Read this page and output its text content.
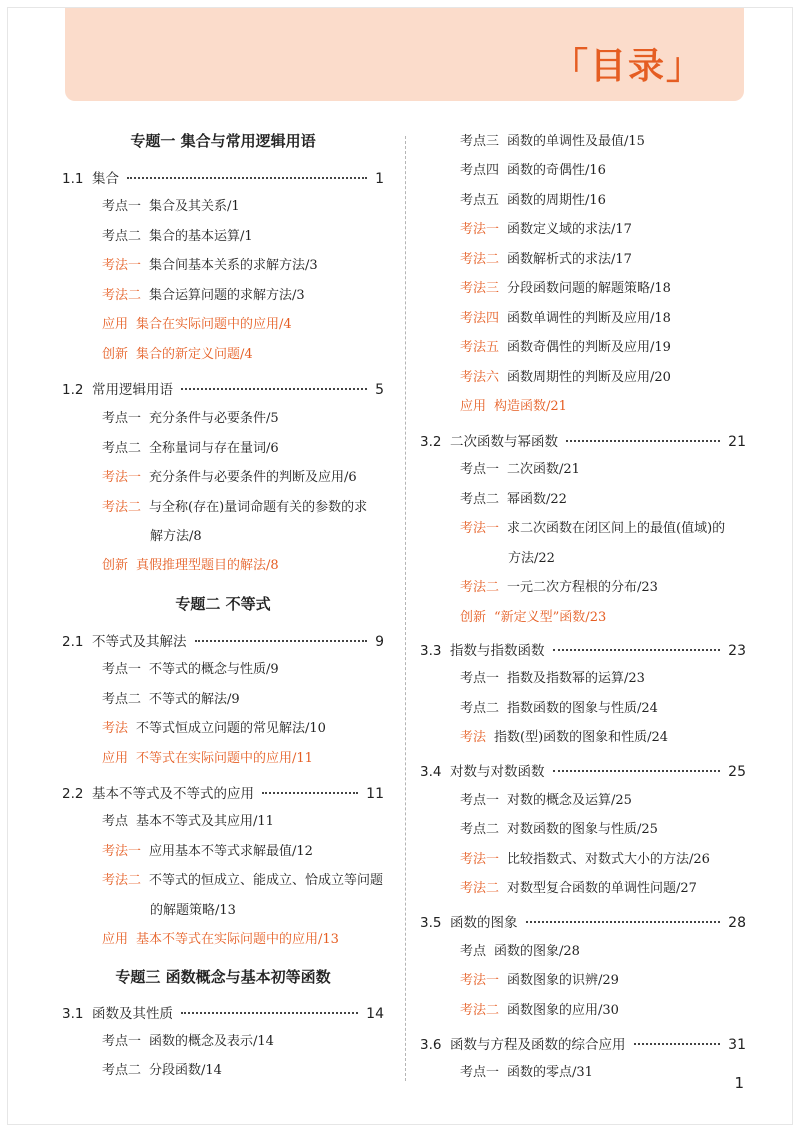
「目录」
专题一 集合与常用逻辑用语
1.1 集合	1
考点一 集合及其关系/1
考点二 集合的基本运算/1
考法一 集合间基本关系的求解方法/3
考法二 集合运算问题的求解方法/3
应用 集合在实际问题中的应用/4
创新 集合的新定义问题/4
1.2 常用逻辑用语	5
考点一 充分条件与必要条件/5
考点二 全称量词与存在量词/6
考法一 充分条件与必要条件的判断及应用/6
考法二 与全称(存在)量词命题有关的参数的求
解方法/8
创新 真假推理型题目的解法/8
专题二 不等式
2.1 不等式及其解法	9
考点一 不等式的概念与性质/9
考点二 不等式的解法/9
考法 不等式恒成立问题的常见解法/10
应用 不等式在实际问题中的应用/11
2.2 基本不等式及不等式的应用	11
考点 基本不等式及其应用/11
考法一 应用基本不等式求解最值/12
考法二 不等式的恒成立、能成立、恰成立等问题
的解题策略/13
应用 基本不等式在实际问题中的应用/13
专题三 函数概念与基本初等函数
3.1 函数及其性质	14
考点一 函数的概念及表示/14
考点二 分段函数/14
考点三 函数的单调性及最值/15
考点四 函数的奇偶性/16
考点五 函数的周期性/16
考法一 函数定义域的求法/17
考法二 函数解析式的求法/17
考法三 分段函数问题的解题策略/18
考法四 函数单调性的判断及应用/18
考法五 函数奇偶性的判断及应用/19
考法六 函数周期性的判断及应用/20
应用 构造函数/21
3.2 二次函数与幂函数	21
考点一 二次函数/21
考点二 幂函数/22
考法一 求二次函数在闭区间上的最值(值域)的
方法/22
考法二 一元二次方程根的分布/23
创新 “新定义型”函数/23
3.3 指数与指数函数	23
考点一 指数及指数幂的运算/23
考点二 指数函数的图象与性质/24
考法 指数(型)函数的图象和性质/24
3.4 对数与对数函数	25
考点一 对数的概念及运算/25
考点二 对数函数的图象与性质/25
考法一 比较指数式、对数式大小的方法/26
考法二 对数型复合函数的单调性问题/27
3.5 函数的图象	28
考点 函数的图象/28
考法一 函数图象的识辨/29
考法二 函数图象的应用/30
3.6 函数与方程及函数的综合应用	31
考点一 函数的零点/31
1
